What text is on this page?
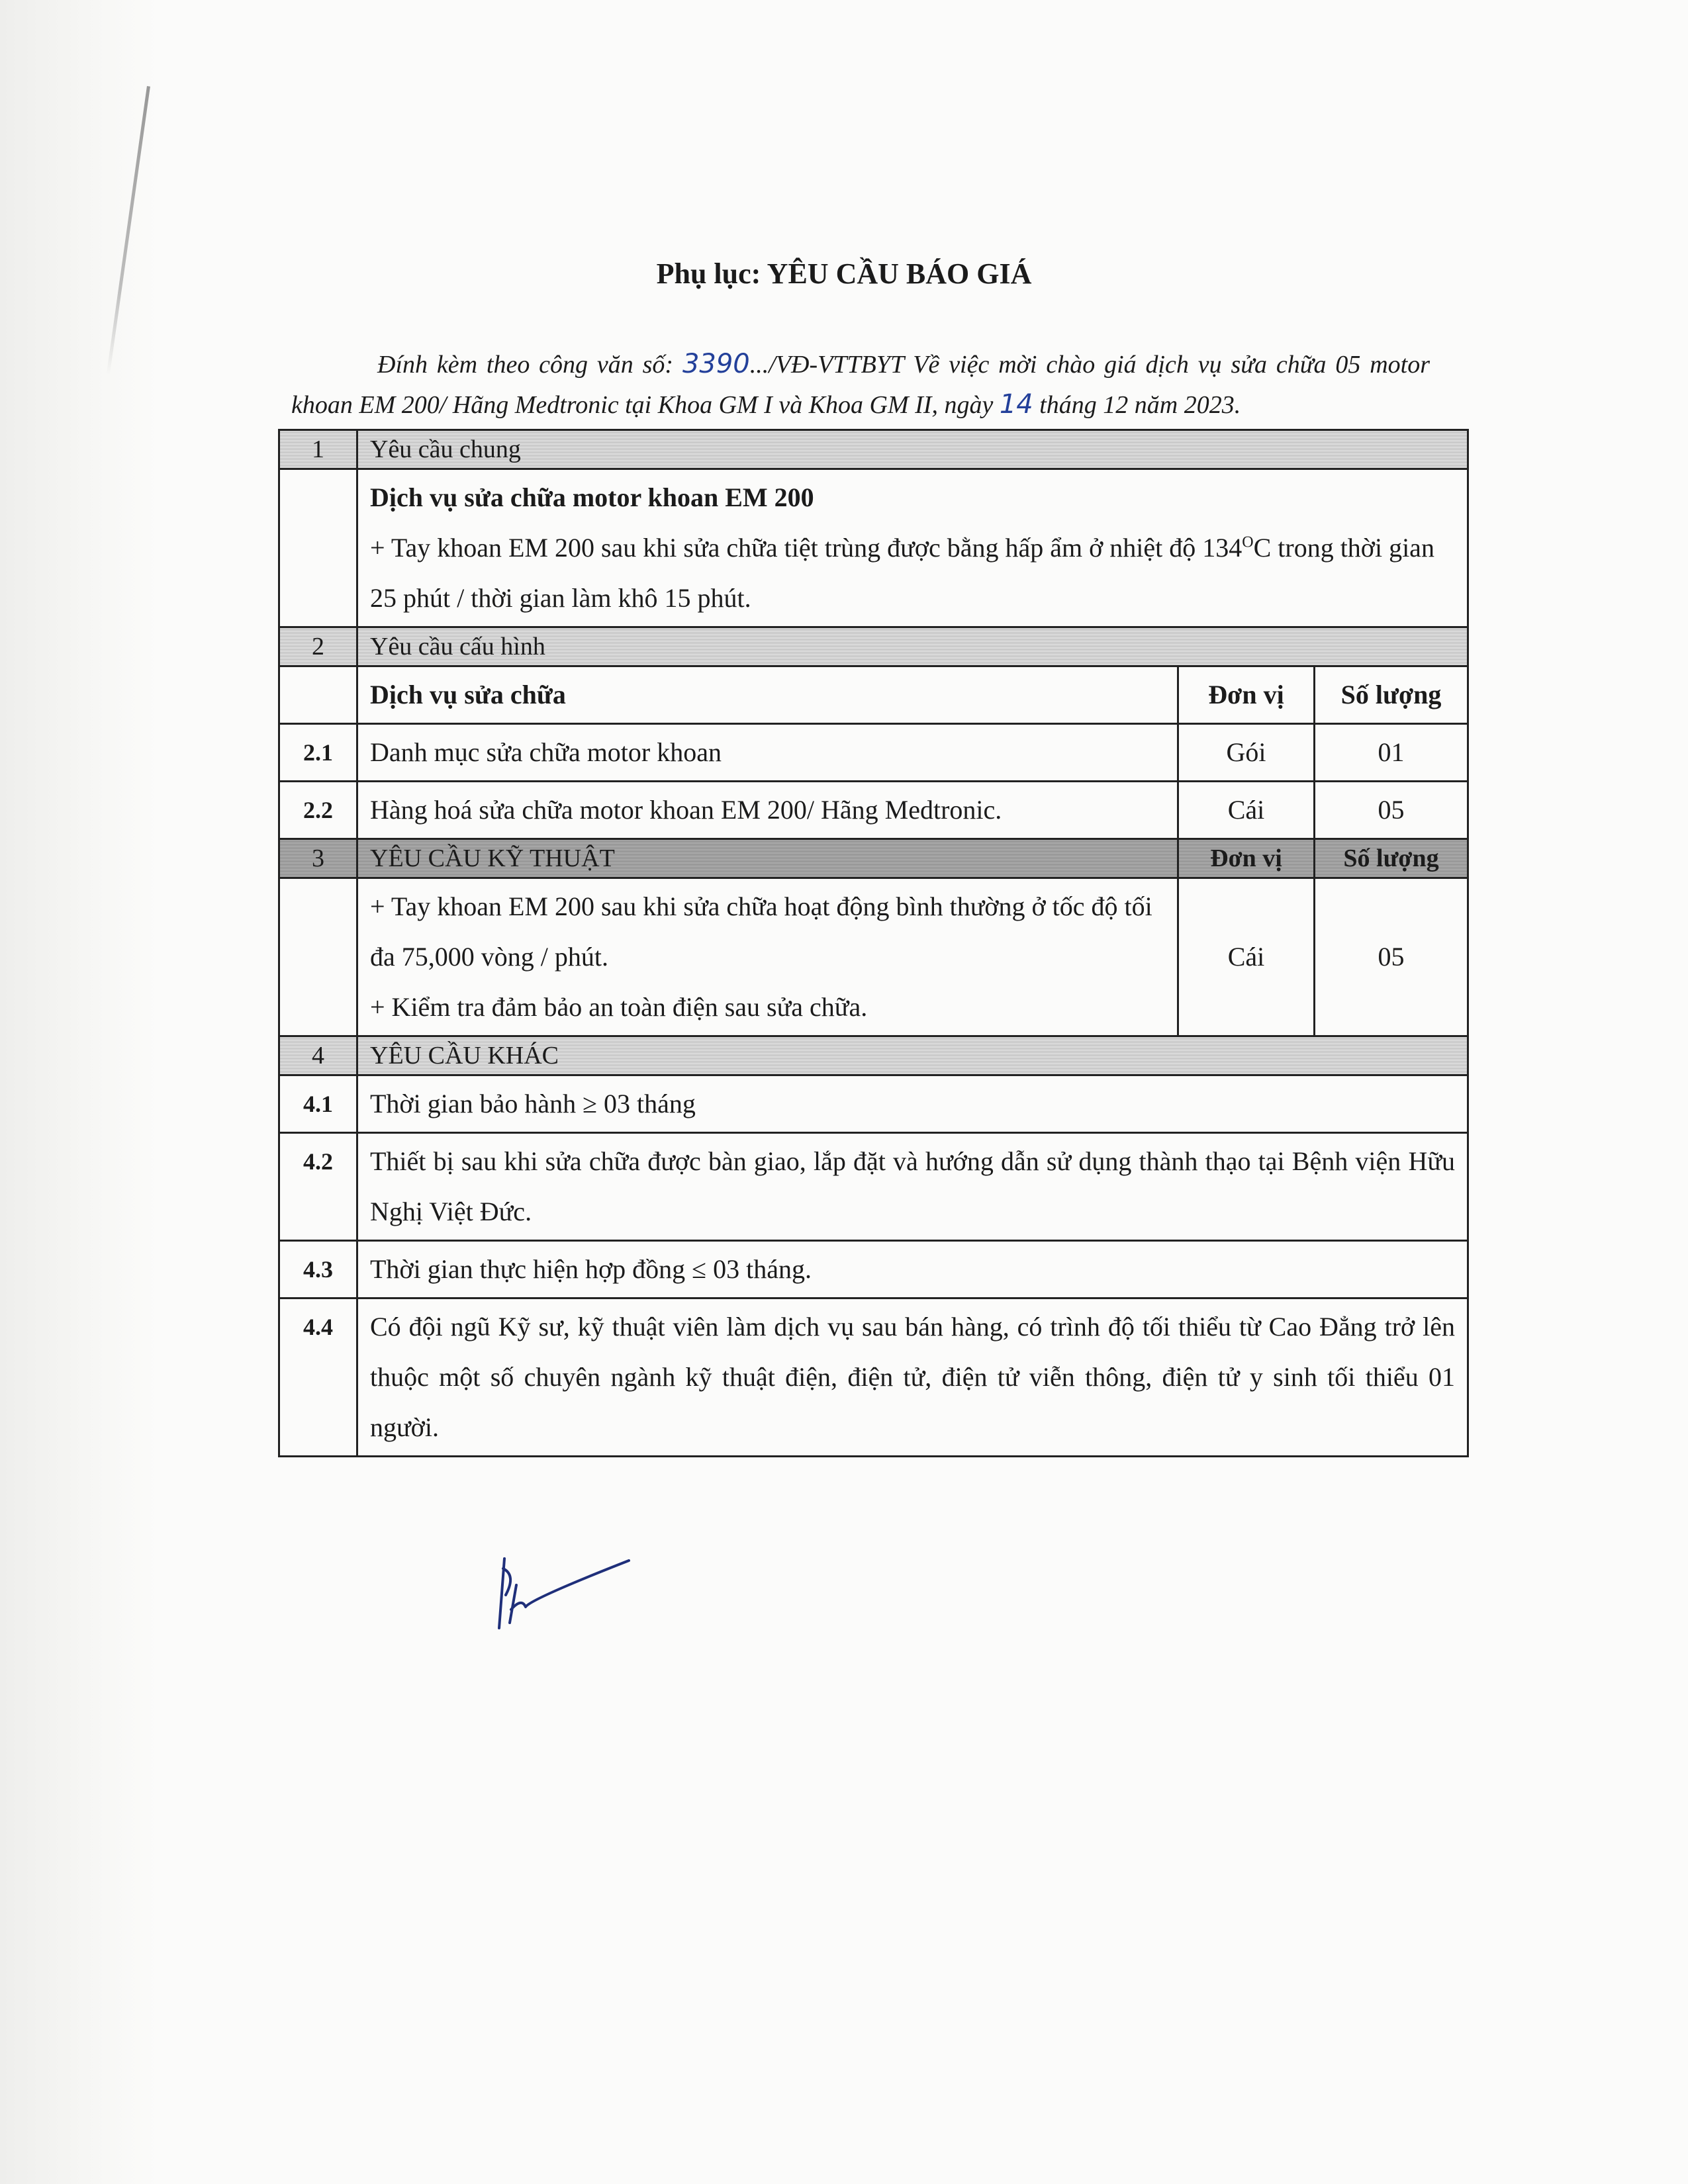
Phụ lục: YÊU CẦU BÁO GIÁ
Đính kèm theo công văn số: 3390.../VĐ-VTTBYT Về việc mời chào giá dịch vụ sửa chữa 05 motor khoan EM 200/ Hãng Medtronic tại Khoa GM I và Khoa GM II, ngày 14 tháng 12 năm 2023.
1	Yêu cầu chung		

	Dịch vụ sửa chữa motor khoan EM 200
+ Tay khoan EM 200 sau khi sửa chữa tiệt trùng được bằng hấp ẩm ở nhiệt độ $134^OC$ trong thời gian 25 phút / thời gian làm khô 15 phút.		

2	Yêu cầu cấu hình		
	Dịch vụ sửa chữa	Đơn vị	Số lượng
2.1	Danh mục sửa chữa motor khoan	Gói	01
2.2	Hàng hoá sửa chữa motor khoan EM 200/ Hãng Medtronic.	Cái	05
3	YÊU CẦU KỸ THUẬT	Đơn vị	Số lượng

	+ Tay khoan EM 200 sau khi sửa chữa hoạt động bình thường ở tốc độ tối đa 75,000 vòng / phút.
+ Kiểm tra đảm bảo an toàn điện sau sửa chữa.	Cái	05
4	YÊU CẦU KHÁC		
4.1	Thời gian bảo hành ≥ 03 tháng		
4.2	Thiết bị sau khi sửa chữa được bàn giao, lắp đặt và hướng dẫn sử dụng thành thạo tại Bệnh viện Hữu Nghị Việt Đức.		
4.3	Thời gian thực hiện hợp đồng ≤ 03 tháng.		
4.4	Có đội ngũ Kỹ sư, kỹ thuật viên làm dịch vụ sau bán hàng, có trình độ tối thiểu từ Cao Đẳng trở lên thuộc một số chuyên ngành kỹ thuật điện, điện tử, điện tử viễn thông, điện tử y sinh tối thiểu 01 người.		
